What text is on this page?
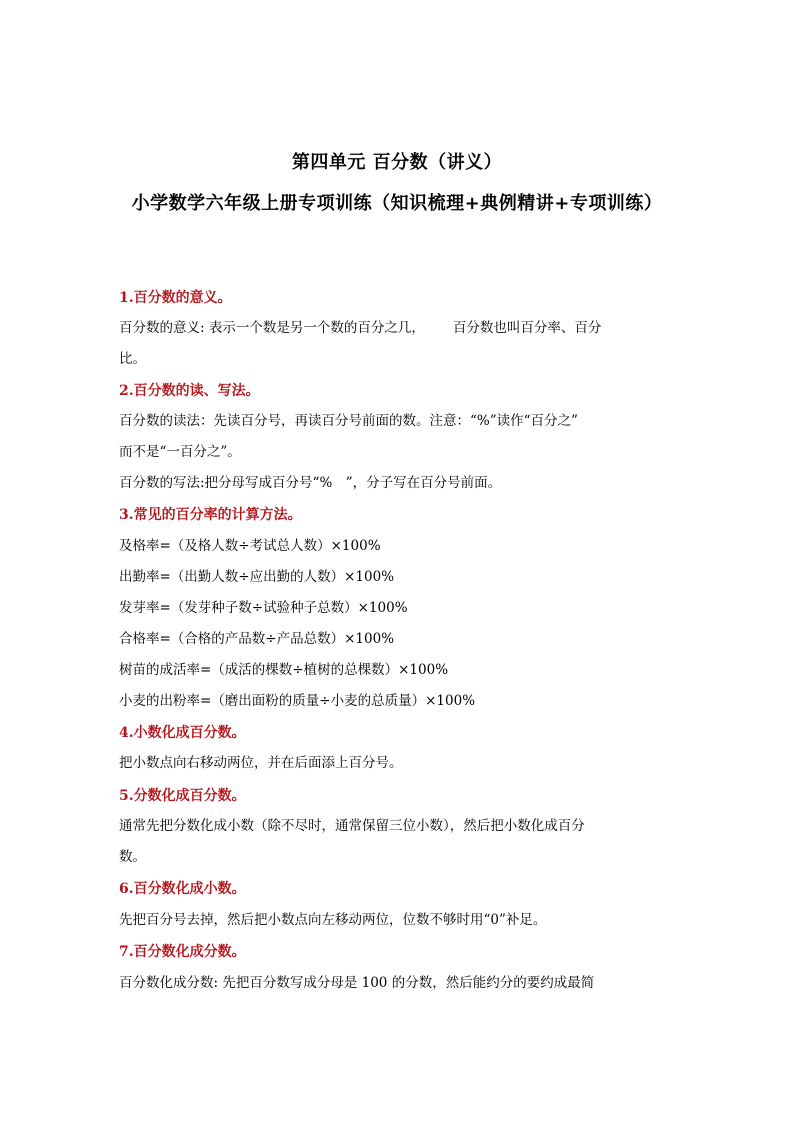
第四单元 百分数（讲义）
小学数学六年级上册专项训练（知识梳理+典例精讲+专项训练）
1.百分数的意义。
百分数的意义: 表示一个数是另一个数的百分之几， 百分数也叫百分率、百分
比。
2.百分数的读、写法。
百分数的读法：先读百分号，再读百分号前面的数。注意：“%”读作“百分之”
而不是“一百分之”。
百分数的写法:把分母写成百分号“%　”，分子写在百分号前面。
3.常见的百分率的计算方法。
及格率=（及格人数÷考试总人数）×100%
出勤率=（出勤人数÷应出勤的人数）×100%
发芽率=（发芽种子数÷试验种子总数）×100%
合格率=（合格的产品数÷产品总数）×100%
树苗的成活率=（成活的棵数÷植树的总棵数）×100%
小麦的出粉率=（磨出面粉的质量÷小麦的总质量）×100%
4.小数化成百分数。
把小数点向右移动两位，并在后面添上百分号。
5.分数化成百分数。
通常先把分数化成小数（除不尽时，通常保留三位小数），然后把小数化成百分
数。
6.百分数化成小数。
先把百分号去掉，然后把小数点向左移动两位，位数不够时用“0”补足。
7.百分数化成分数。
百分数化成分数: 先把百分数写成分母是 100 的分数，然后能约分的要约成最简
